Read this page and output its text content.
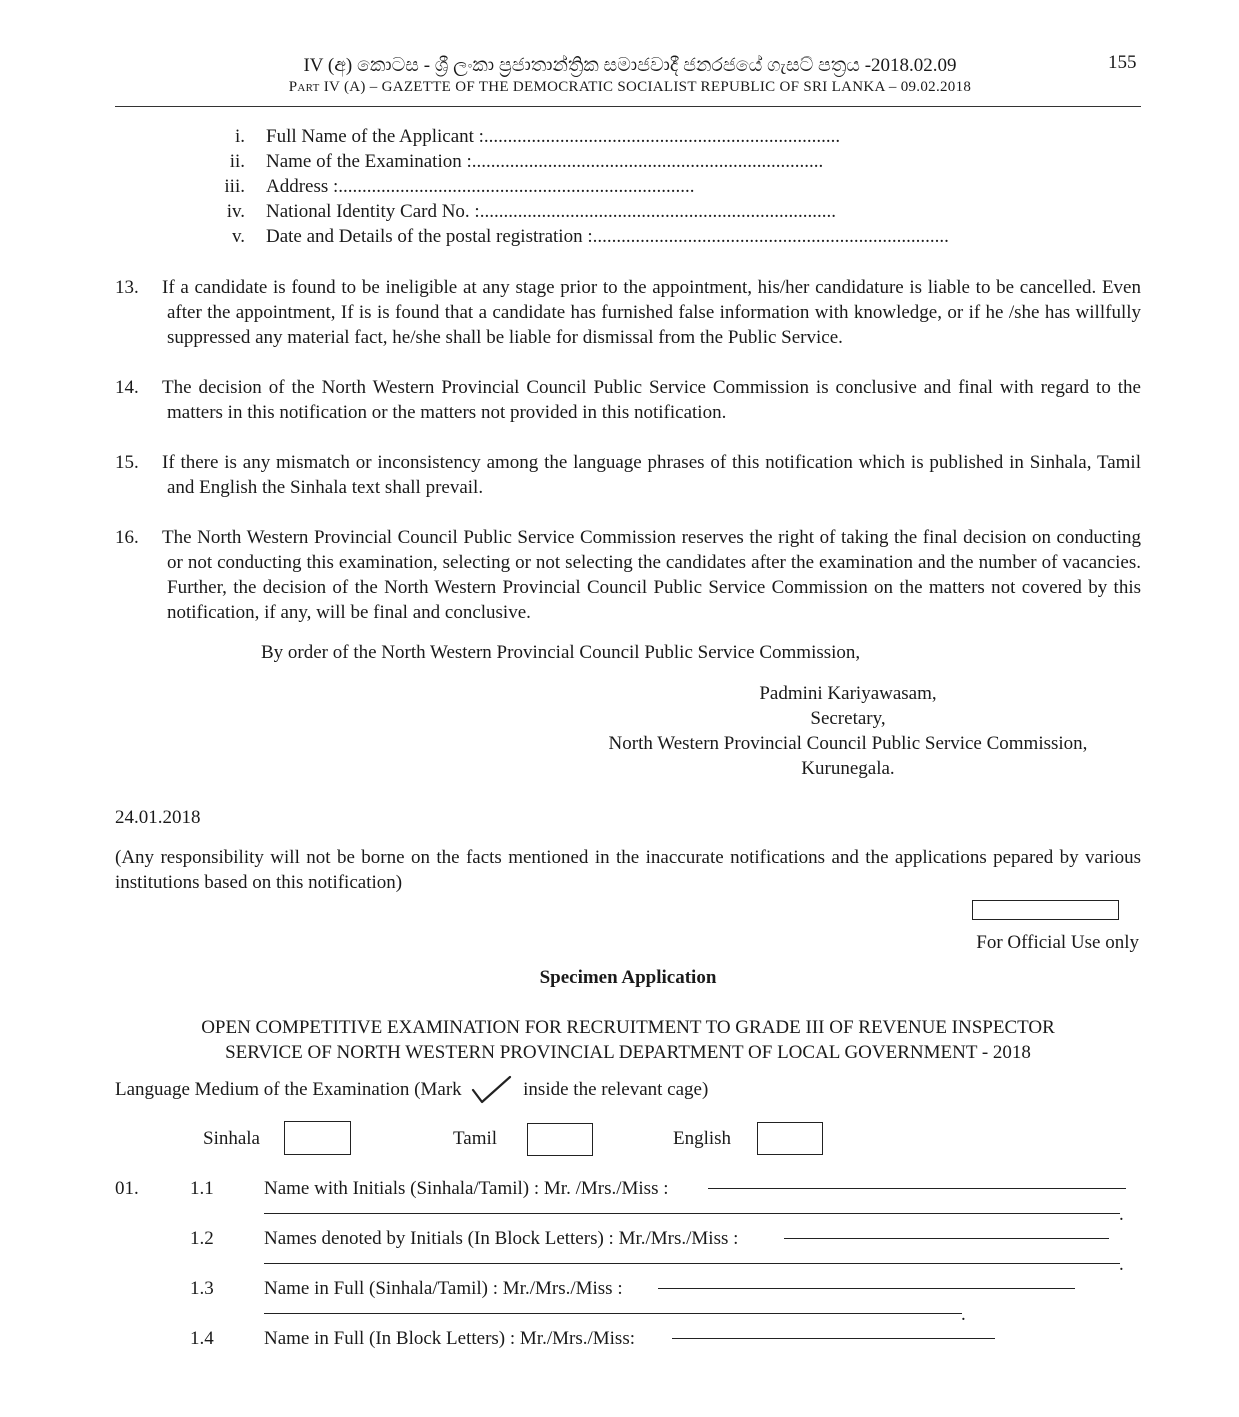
IV (අ) කොටස - ශ්‍රී ලංකා ප්‍රජාතාන්ත්‍රික සමාජවාදී ජනරජයේ ගැසට් පත්‍රය -2018.02.09
Part IV (A) – GAZETTE OF THE DEMOCRATIC SOCIALIST REPUBLIC OF SRI LANKA – 09.02.2018
155
i. Full Name of the Applicant :...........................................................................
ii. Name of the Examination :..........................................................................
iii. Address :...........................................................................
iv. National Identity Card No. :...........................................................................
v. Date and Details of the postal registration :...........................................................................
13. If a candidate is found to be ineligible at any stage prior to the appointment, his/her candidature is liable to be cancelled. Even after the appointment, If is is found that a candidate has furnished false information with knowledge, or if he /she has willfully suppressed any material fact, he/she shall be liable for dismissal from the Public Service.
14. The decision of the North Western Provincial Council Public Service Commission is conclusive and final with regard to the matters in this notification or the matters not provided in this notification.
15. If there is any mismatch or inconsistency among the language phrases of this notification which is published in Sinhala, Tamil and English the Sinhala text shall prevail.
16. The North Western Provincial Council Public Service Commission reserves the right of taking the final decision on conducting or not conducting this examination, selecting or not selecting the candidates after the examination and the number of vacancies. Further, the decision of the North Western Provincial Council Public Service Commission on the matters not covered by this notification, if any, will be final and conclusive.
By order of the North Western Provincial Council Public Service Commission,
Padmini Kariyawasam,
Secretary,
North Western Provincial Council Public Service Commission,
Kurunegala.
24.01.2018
(Any responsibility will not be borne on the facts mentioned in the inaccurate notifications and the applications pepared by various institutions based on this notification)
For Official Use only
Specimen Application
OPEN COMPETITIVE EXAMINATION FOR RECRUITMENT TO GRADE III OF REVENUE INSPECTOR
SERVICE OF NORTH WESTERN PROVINCIAL DEPARTMENT OF LOCAL GOVERNMENT - 2018
Language Medium of the Examination (Mark	inside the relevant cage)
Sinhala	Tamil	English
01.	1.1	Name with Initials (Sinhala/Tamil) : Mr. /Mrs./Miss :
.
1.2	Names denoted by Initials (In Block Letters) : Mr./Mrs./Miss :
.
1.3	Name in Full (Sinhala/Tamil) : Mr./Mrs./Miss :
.
1.4	Name in Full (In Block Letters) : Mr./Mrs./Miss:
